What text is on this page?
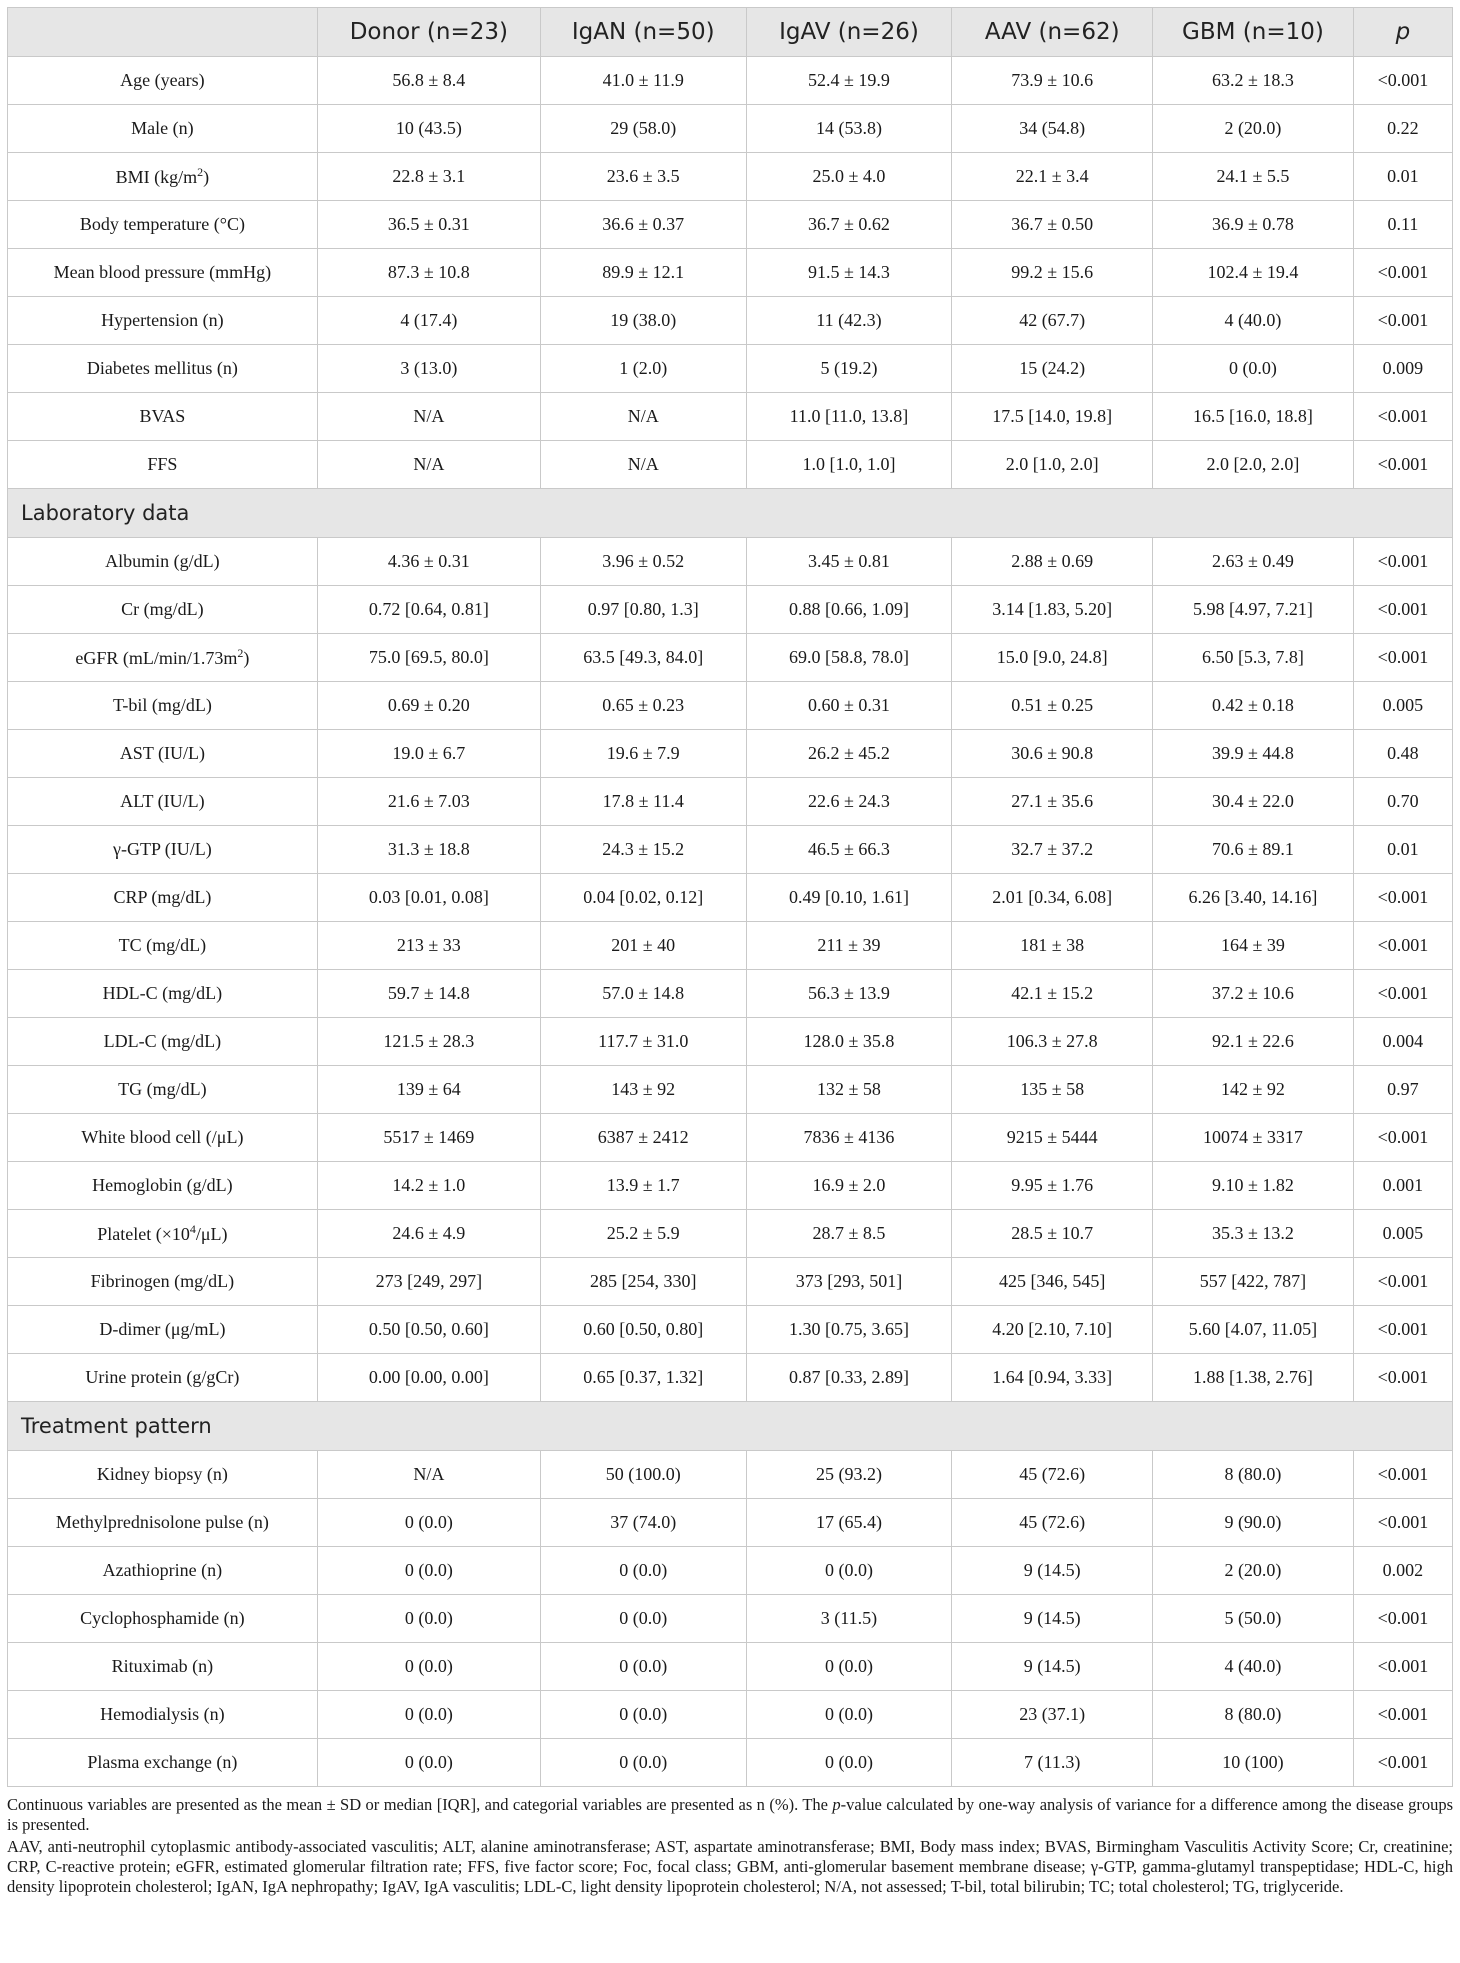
	Donor (n=23)	IgAN (n=50)	IgAV (n=26)	AAV (n=62)	GBM (n=10)	p
Age (years)	56.8 ± 8.4	41.0 ± 11.9	52.4 ± 19.9	73.9 ± 10.6	63.2 ± 18.3	<0.001
Male (n)	10 (43.5)	29 (58.0)	14 (53.8)	34 (54.8)	2 (20.0)	0.22
BMI $(kg/m^2)$	22.8 ± 3.1	23.6 ± 3.5	25.0 ± 4.0	22.1 ± 3.4	24.1 ± 5.5	0.01
Body temperature (°C)	36.5 ± 0.31	36.6 ± 0.37	36.7 ± 0.62	36.7 ± 0.50	36.9 ± 0.78	0.11
Mean blood pressure (mmHg)	87.3 ± 10.8	89.9 ± 12.1	91.5 ± 14.3	99.2 ± 15.6	102.4 ± 19.4	<0.001
Hypertension (n)	4 (17.4)	19 (38.0)	11 (42.3)	42 (67.7)	4 (40.0)	<0.001
Diabetes mellitus (n)	3 (13.0)	1 (2.0)	5 (19.2)	15 (24.2)	0 (0.0)	0.009
BVAS	N/A	N/A	11.0 [11.0, 13.8]	17.5 [14.0, 19.8]	16.5 [16.0, 18.8]	<0.001
FFS	N/A	N/A	1.0 [1.0, 1.0]	2.0 [1.0, 2.0]	2.0 [2.0, 2.0]	<0.001
Laboratory data						
Albumin (g/dL)	4.36 ± 0.31	3.96 ± 0.52	3.45 ± 0.81	2.88 ± 0.69	2.63 ± 0.49	<0.001
Cr (mg/dL)	0.72 [0.64, 0.81]	0.97 [0.80, 1.3]	0.88 [0.66, 1.09]	3.14 [1.83, 5.20]	5.98 [4.97, 7.21]	<0.001
eGFR $(mL/\min/1.73m^2)$	75.0 [69.5, 80.0]	63.5 [49.3, 84.0]	69.0 [58.8, 78.0]	15.0 [9.0, 24.8]	6.50 [5.3, 7.8]	<0.001
T-bil (mg/dL)	0.69 ± 0.20	0.65 ± 0.23	0.60 ± 0.31	0.51 ± 0.25	0.42 ± 0.18	0.005
AST (IU/L)	19.0 ± 6.7	19.6 ± 7.9	26.2 ± 45.2	30.6 ± 90.8	39.9 ± 44.8	0.48
ALT (IU/L)	21.6 ± 7.03	17.8 ± 11.4	22.6 ± 24.3	27.1 ± 35.6	30.4 ± 22.0	0.70
γ-GTP (IU/L)	31.3 ± 18.8	24.3 ± 15.2	46.5 ± 66.3	32.7 ± 37.2	70.6 ± 89.1	0.01
CRP (mg/dL)	0.03 [0.01, 0.08]	0.04 [0.02, 0.12]	0.49 [0.10, 1.61]	2.01 [0.34, 6.08]	6.26 [3.40, 14.16]	<0.001
TC (mg/dL)	213 ± 33	201 ± 40	211 ± 39	181 ± 38	164 ± 39	<0.001
HDL-C (mg/dL)	59.7 ± 14.8	57.0 ± 14.8	56.3 ± 13.9	42.1 ± 15.2	37.2 ± 10.6	<0.001
LDL-C (mg/dL)	121.5 ± 28.3	117.7 ± 31.0	128.0 ± 35.8	106.3 ± 27.8	92.1 ± 22.6	0.004
TG (mg/dL)	139 ± 64	143 ± 92	132 ± 58	135 ± 58	142 ± 92	0.97
White blood cell (/μL)	5517 ± 1469	6387 ± 2412	7836 ± 4136	9215 ± 5444	10074 ± 3317	<0.001
Hemoglobin (g/dL)	14.2 ± 1.0	13.9 ± 1.7	16.9 ± 2.0	9.95 ± 1.76	9.10 ± 1.82	0.001
Platelet $(\times 10^4/\mu L)$	24.6 ± 4.9	25.2 ± 5.9	28.7 ± 8.5	28.5 ± 10.7	35.3 ± 13.2	0.005
Fibrinogen (mg/dL)	273 [249, 297]	285 [254, 330]	373 [293, 501]	425 [346, 545]	557 [422, 787]	<0.001
D-dimer (μg/mL)	0.50 [0.50, 0.60]	0.60 [0.50, 0.80]	1.30 [0.75, 3.65]	4.20 [2.10, 7.10]	5.60 [4.07, 11.05]	<0.001
Urine protein (g/gCr)	0.00 [0.00, 0.00]	0.65 [0.37, 1.32]	0.87 [0.33, 2.89]	1.64 [0.94, 3.33]	1.88 [1.38, 2.76]	<0.001
Treatment pattern						
Kidney biopsy (n)	N/A	50 (100.0)	25 (93.2)	45 (72.6)	8 (80.0)	<0.001
Methylprednisolone pulse (n)	0 (0.0)	37 (74.0)	17 (65.4)	45 (72.6)	9 (90.0)	<0.001
Azathioprine (n)	0 (0.0)	0 (0.0)	0 (0.0)	9 (14.5)	2 (20.0)	0.002
Cyclophosphamide (n)	0 (0.0)	0 (0.0)	3 (11.5)	9 (14.5)	5 (50.0)	<0.001
Rituximab (n)	0 (0.0)	0 (0.0)	0 (0.0)	9 (14.5)	4 (40.0)	<0.001
Hemodialysis (n)	0 (0.0)	0 (0.0)	0 (0.0)	23 (37.1)	8 (80.0)	<0.001
Plasma exchange (n)	0 (0.0)	0 (0.0)	0 (0.0)	7 (11.3)	10 (100)	<0.001

Continuous variables are presented as the mean ± SD or median [IQR], and categorial variables are presented as n (%). The p-value calculated by one-way analysis of variance for a difference among the disease groups is presented.

AAV, anti-neutrophil cytoplasmic antibody-associated vasculitis; ALT, alanine aminotransferase; AST, aspartate aminotransferase; BMI, Body mass index; BVAS, Birmingham Vasculitis Activity Score; Cr, creatinine; CRP, C-reactive protein; eGFR, estimated glomerular filtration rate; FFS, five factor score; Foc, focal class; GBM, anti-glomerular basement membrane disease; γ-GTP, gamma-glutamyl transpeptidase; HDL-C, high density lipoprotein cholesterol; IgAN, IgA nephropathy; IgAV, IgA vasculitis; LDL-C, light density lipoprotein cholesterol; N/A, not assessed; T-bil, total bilirubin; TC; total cholesterol; TG, triglyceride.
